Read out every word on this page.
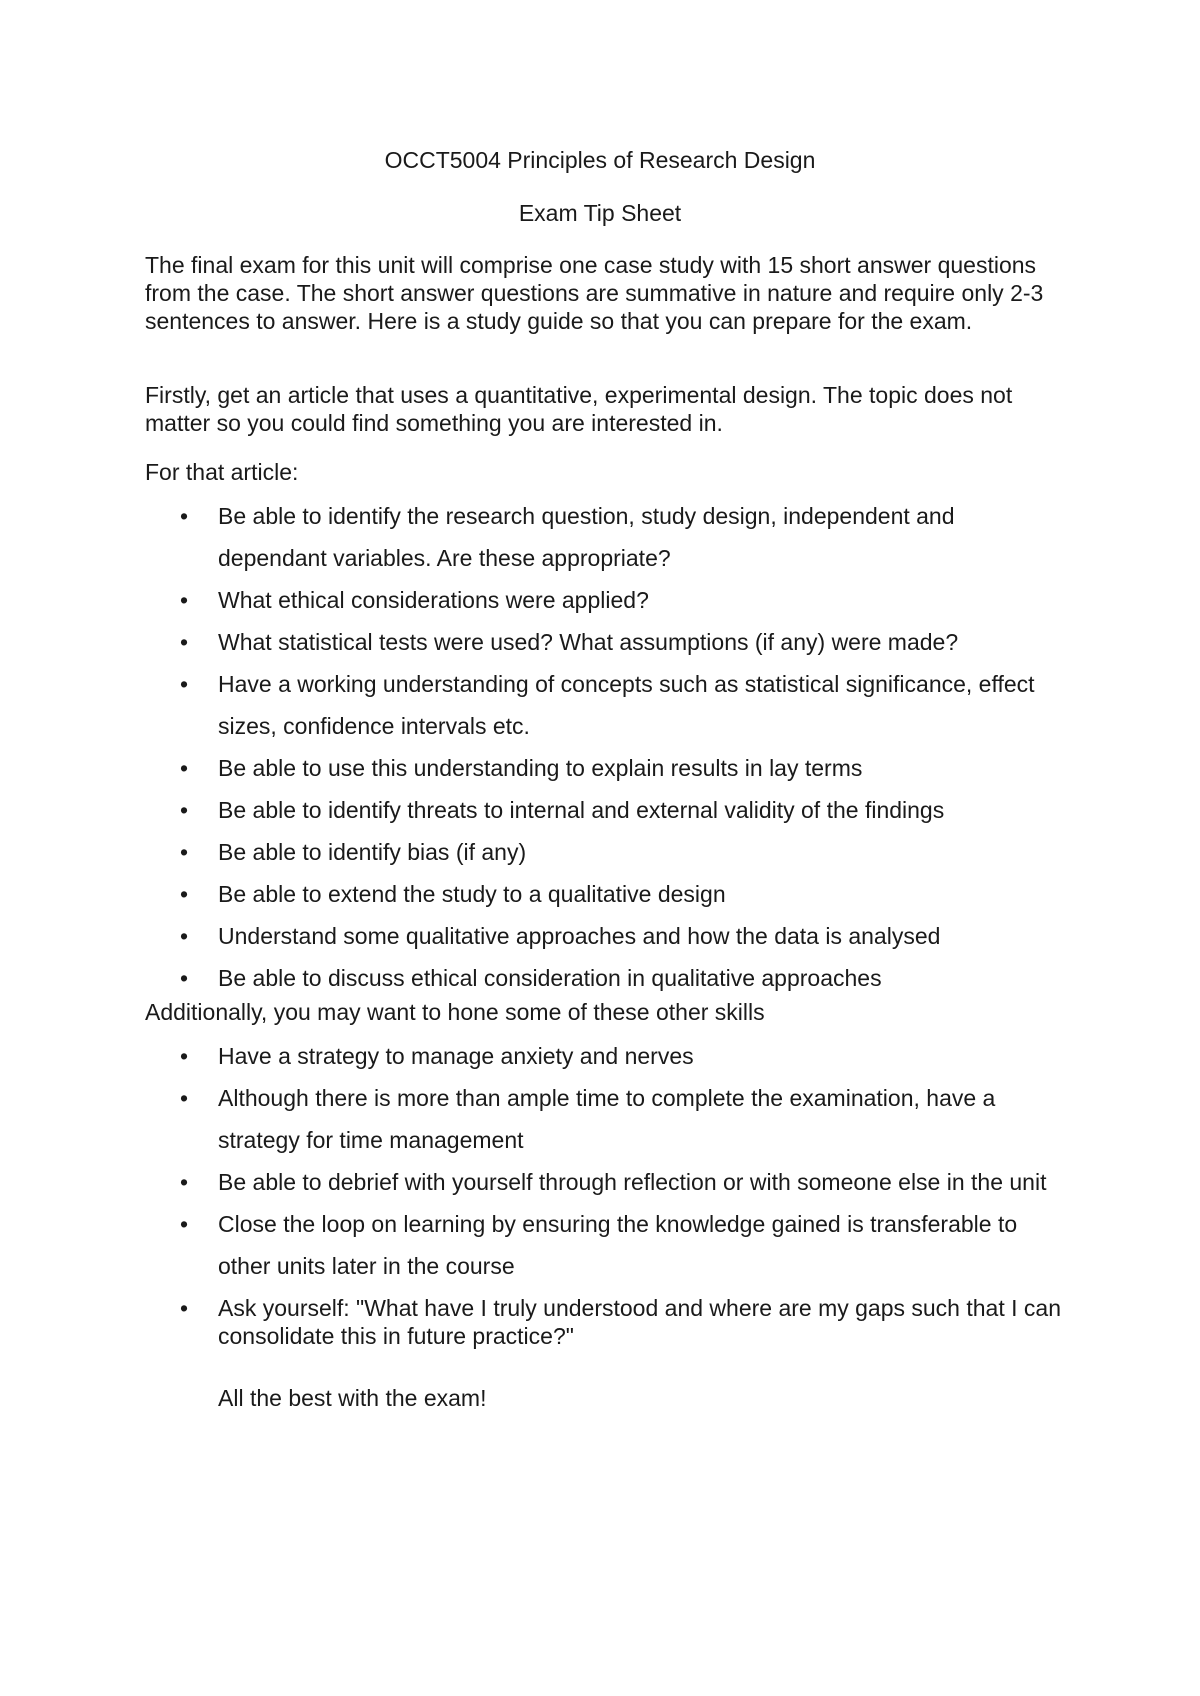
OCCT5004 Principles of Research Design
Exam Tip Sheet
The final exam for this unit will comprise one case study with 15 short answer questions from the case. The short answer questions are summative in nature and require only 2-3 sentences to answer. Here is a study guide so that you can prepare for the exam.
Firstly, get an article that uses a quantitative, experimental design. The topic does not matter so you could find something you are interested in.
For that article:
• Be able to identify the research question, study design, independent and dependant variables. Are these appropriate?
• What ethical considerations were applied?
• What statistical tests were used? What assumptions (if any) were made?
• Have a working understanding of concepts such as statistical significance, effect sizes, confidence intervals etc.
• Be able to use this understanding to explain results in lay terms
• Be able to identify threats to internal and external validity of the findings
• Be able to identify bias (if any)
• Be able to extend the study to a qualitative design
• Understand some qualitative approaches and how the data is analysed
• Be able to discuss ethical consideration in qualitative approaches
Additionally, you may want to hone some of these other skills
• Have a strategy to manage anxiety and nerves
• Although there is more than ample time to complete the examination, have a strategy for time management
• Be able to debrief with yourself through reflection or with someone else in the unit
• Close the loop on learning by ensuring the knowledge gained is transferable to other units later in the course
• Ask yourself: "What have I truly understood and where are my gaps such that I can consolidate this in future practice?"
All the best with the exam!
